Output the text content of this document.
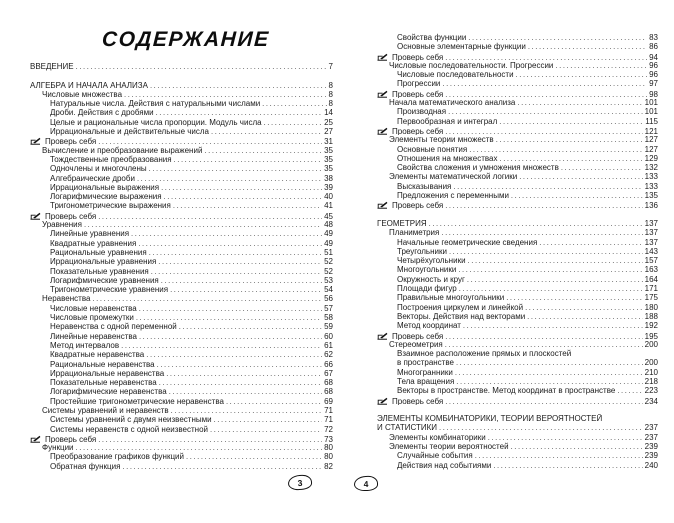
СОДЕРЖАНИЕ
ВВЕДЕНИЕ .....	7
АЛГЕБРА И НАЧАЛА АНАЛИЗА .....	8
Числовые множества .....	8
Натуральные числа. Действия с натуральными числами .....	8
Дроби. Действия с дробями .....	14
Целые и рациональные числа пропорции. Модуль числа .....	25
Иррациональные и действительные числа .....	27
Проверь себя .....	31
Вычисление и преобразование выражений .....	35
Тождественные преобразования .....	35
Одночлены и многочлены .....	35
Алгебраические дроби .....	38
Иррациональные выражения .....	39
Логарифмические выражения .....	40
Тригонометрические выражения .....	41
Проверь себя .....	45
Уравнения .....	48
Линейные уравнения .....	49
Квадратные уравнения .....	49
Рациональные уравнения .....	51
Иррациональные уравнения .....	52
Показательные уравнения .....	52
Логарифмические уравнения .....	53
Тригонометрические уравнения .....	54
Неравенства .....	56
Числовые неравенства .....	57
Числовые промежутки .....	58
Неравенства с одной переменной .....	59
Линейные неравенства .....	60
Метод интервалов .....	61
Квадратные неравенства .....	62
Рациональные неравенства .....	66
Иррациональные неравенства .....	67
Показательные неравенства .....	68
Логарифмические неравенства .....	68
Простейшие тригонометрические неравенства .....	69
Системы уравнений и неравенств .....	71
Системы уравнений с двумя неизвестными .....	71
Системы неравенств с одной неизвестной .....	72
Проверь себя .....	73
Функции .....	80
Преобразование графиков функций .....	80
Обратная функция .....	82
Свойства функции .....	83
Основные элементарные функции .....	86
Проверь себя .....	94
Числовые последовательности. Прогрессии .....	96
Числовые последовательности .....	96
Прогрессии .....	97
Проверь себя .....	98
Начала математического анализа .....	101
Производная .....	101
Первообразная и интеграл .....	115
Проверь себя .....	121
Элементы теории множеств .....	127
Основные понятия .....	127
Отношения на множествах .....	129
Свойства сложения и умножения множеств .....	132
Элементы математической логики .....	133
Высказывания .....	133
Предложения с переменными .....	135
Проверь себя .....	136
ГЕОМЕТРИЯ .....	137
Планиметрия .....	137
Начальные геометрические сведения .....	137
Треугольники .....	143
Четырёхугольники .....	157
Многоугольники .....	163
Окружность и круг .....	164
Площади фигур .....	171
Правильные многоугольники .....	175
Построения циркулем и линейкой .....	180
Векторы. Действия над векторами .....	188
Метод координат .....	192
Проверь себя .....	195
Стереометрия .....	200
Взаимное расположение прямых и плоскостей
в пространстве .....	200
Многогранники .....	210
Тела вращения .....	218
Векторы в пространстве. Метод координат в пространстве .....	223
Проверь себя .....	234
ЭЛЕМЕНТЫ КОМБИНАТОРИКИ, ТЕОРИИ ВЕРОЯТНОСТЕЙ
И СТАТИСТИКИ .....	237
Элементы комбинаторики .....	237
Элементы теории вероятностей .....	239
Случайные события .....	239
Действия над событиями .....	240
3	4
